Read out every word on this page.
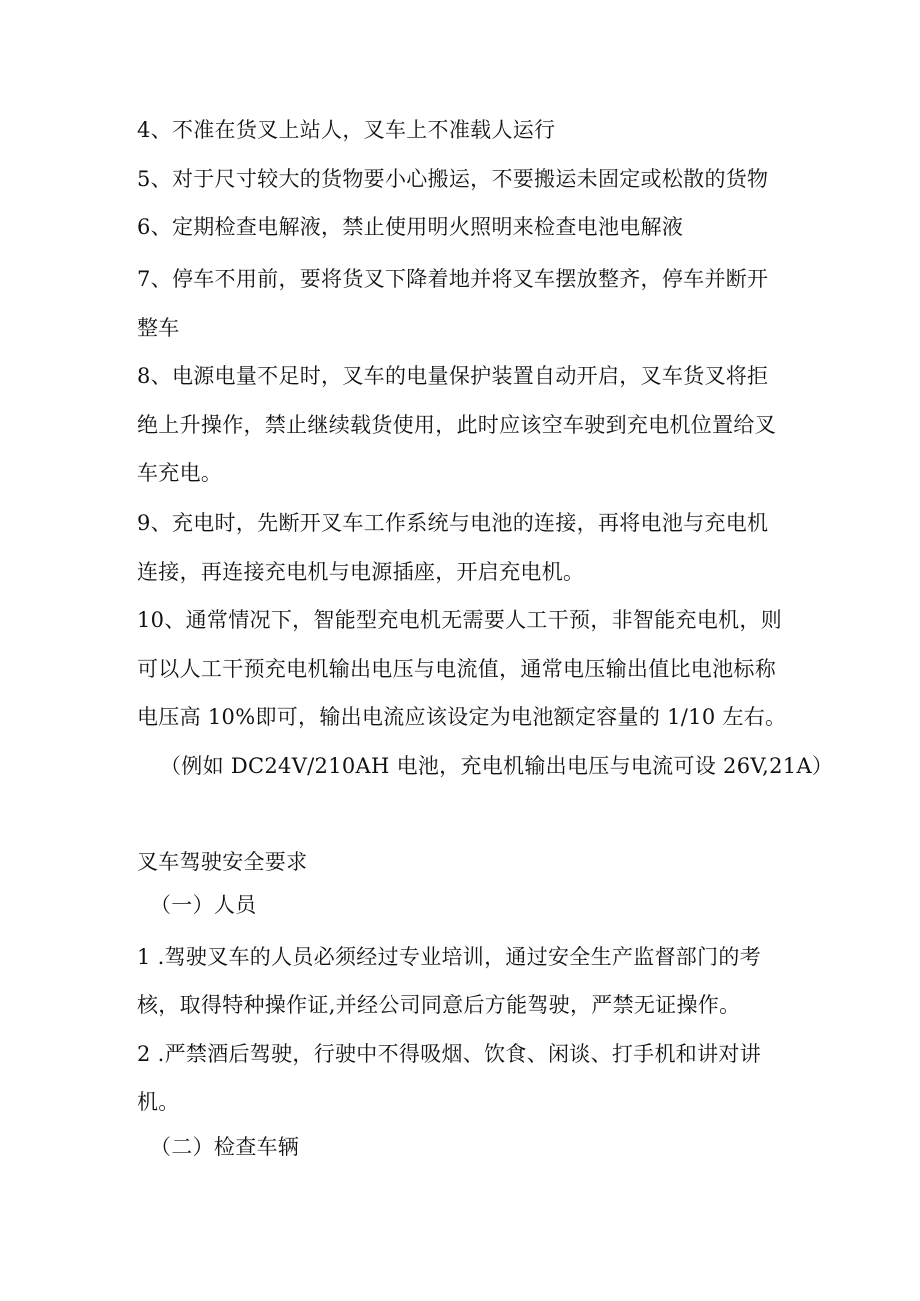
4、不准在货叉上站人，叉车上不准载人运行
5、对于尺寸较大的货物要小心搬运，不要搬运未固定或松散的货物
6、定期检查电解液，禁止使用明火照明来检查电池电解液
7、停车不用前，要将货叉下降着地并将叉车摆放整齐，停车并断开
整车
8、电源电量不足时，叉车的电量保护装置自动开启，叉车货叉将拒
绝上升操作，禁止继续载货使用，此时应该空车驶到充电机位置给叉
车充电。
9、充电时，先断开叉车工作系统与电池的连接，再将电池与充电机
连接，再连接充电机与电源插座，开启充电机。
10、通常情况下，智能型充电机无需要人工干预，非智能充电机，则
可以人工干预充电机输出电压与电流值，通常电压输出值比电池标称
电压高 10%即可，输出电流应该设定为电池额定容量的 1/10 左右。
（例如 DC24V/210AH 电池，充电机输出电压与电流可设 26V,21A）
叉车驾驶安全要求
（一）人员
1 .驾驶叉车的人员必须经过专业培训，通过安全生产监督部门的考
核，取得特种操作证,并经公司同意后方能驾驶，严禁无证操作。
2 .严禁酒后驾驶，行驶中不得吸烟、饮食、闲谈、打手机和讲对讲
机。
（二）检查车辆
